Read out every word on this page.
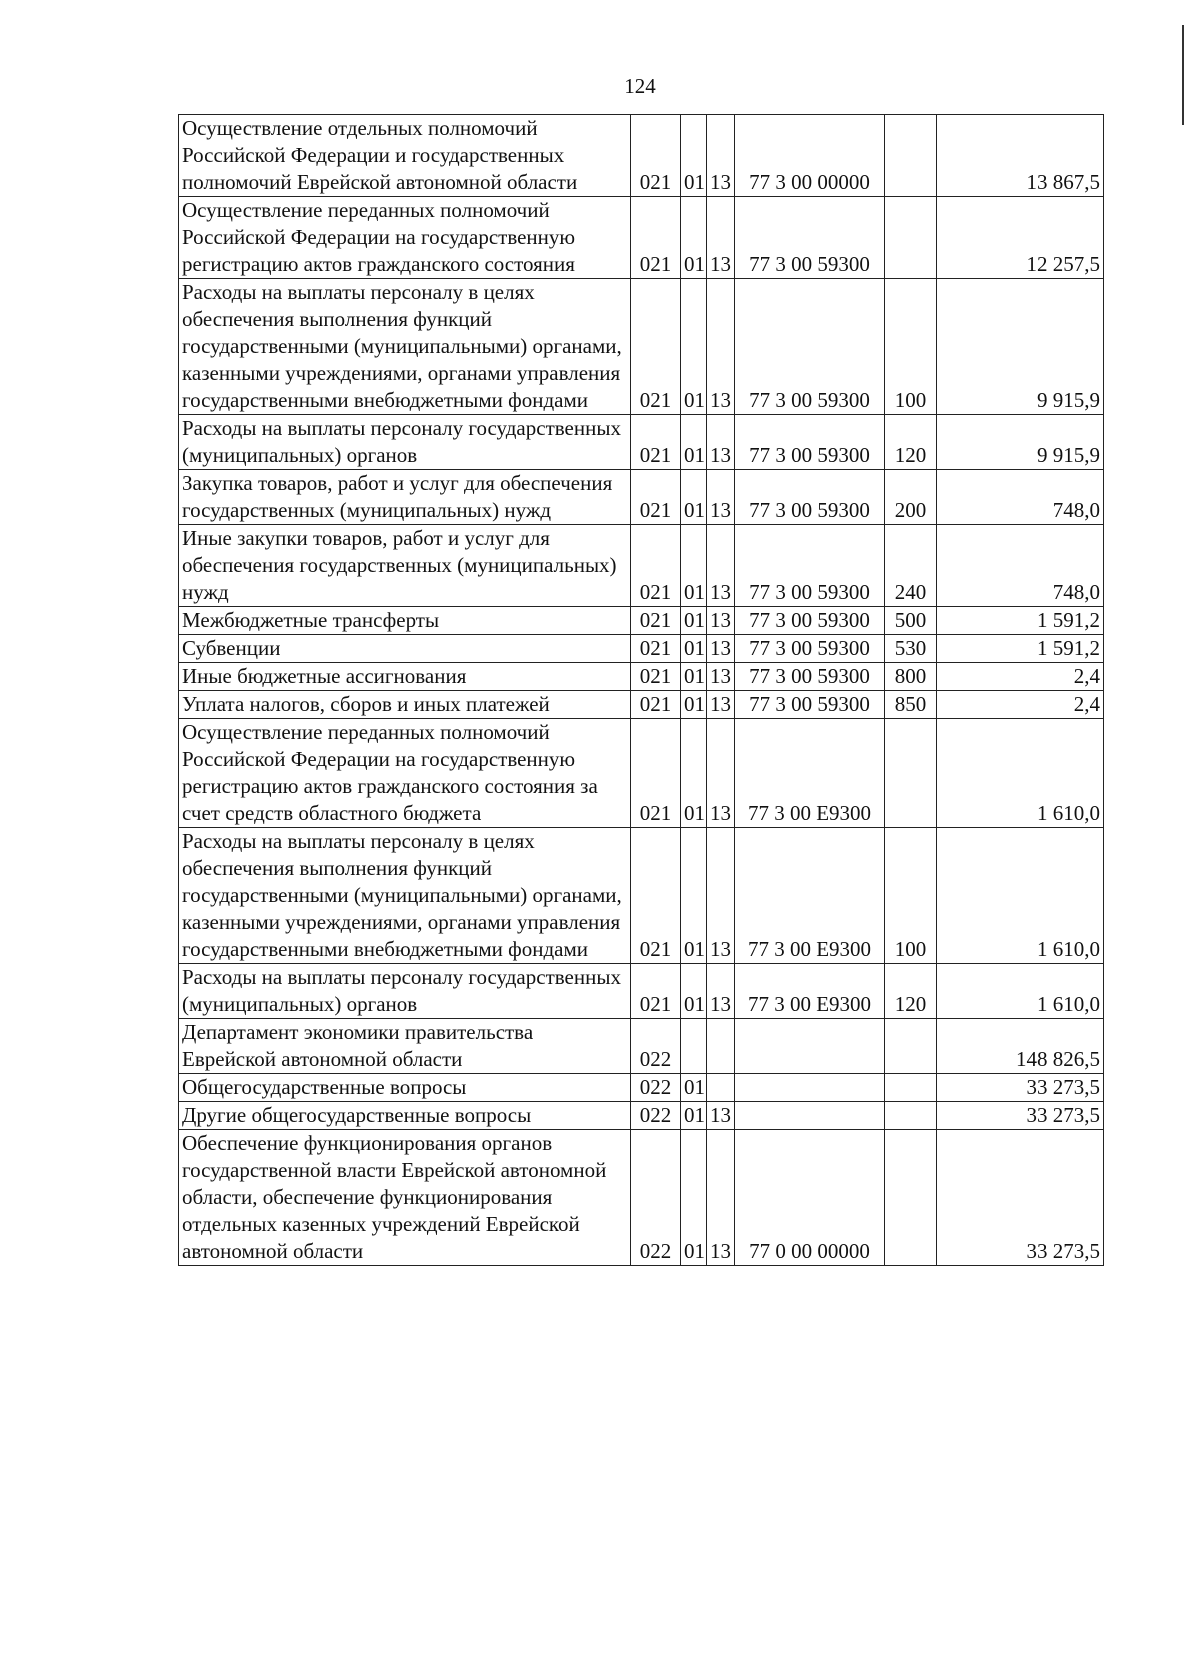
124
Осуществление отдельных полномочий Российской Федерации и государственных полномочий Еврейской автономной области	021	01	13	77 3 00 00000		13 867,5
Осуществление переданных полномочий Российской Федерации на государственную регистрацию актов гражданского состояния	021	01	13	77 3 00 59300		12 257,5
Расходы на выплаты персоналу в целях обеспечения выполнения функций государственными (муниципальными) органами, казенными учреждениями, органами управления государственными внебюджетными фондами	021	01	13	77 3 00 59300	100	9 915,9
Расходы на выплаты персоналу государственных (муниципальных) органов	021	01	13	77 3 00 59300	120	9 915,9
Закупка товаров, работ и услуг для обеспечения государственных (муниципальных) нужд	021	01	13	77 3 00 59300	200	748,0
Иные закупки товаров, работ и услуг для обеспечения государственных (муниципальных) нужд	021	01	13	77 3 00 59300	240	748,0
Межбюджетные трансферты	021	01	13	77 3 00 59300	500	1 591,2
Субвенции	021	01	13	77 3 00 59300	530	1 591,2
Иные бюджетные ассигнования	021	01	13	77 3 00 59300	800	2,4
Уплата налогов, сборов и иных платежей	021	01	13	77 3 00 59300	850	2,4
Осуществление переданных полномочий Российской Федерации на государственную регистрацию актов гражданского состояния за счет средств областного бюджета	021	01	13	77 3 00 Е9300		1 610,0
Расходы на выплаты персоналу в целях обеспечения выполнения функций государственными (муниципальными) органами, казенными учреждениями, органами управления государственными внебюджетными фондами	021	01	13	77 3 00 Е9300	100	1 610,0
Расходы на выплаты персоналу государственных (муниципальных) органов	021	01	13	77 3 00 Е9300	120	1 610,0
Департамент экономики правительства Еврейской автономной области	022					148 826,5
Общегосударственные вопросы	022	01				33 273,5
Другие общегосударственные вопросы	022	01	13			33 273,5
Обеспечение функционирования органов государственной власти Еврейской автономной области, обеспечение функционирования отдельных казенных учреждений Еврейской автономной области	022	01	13	77 0 00 00000		33 273,5
